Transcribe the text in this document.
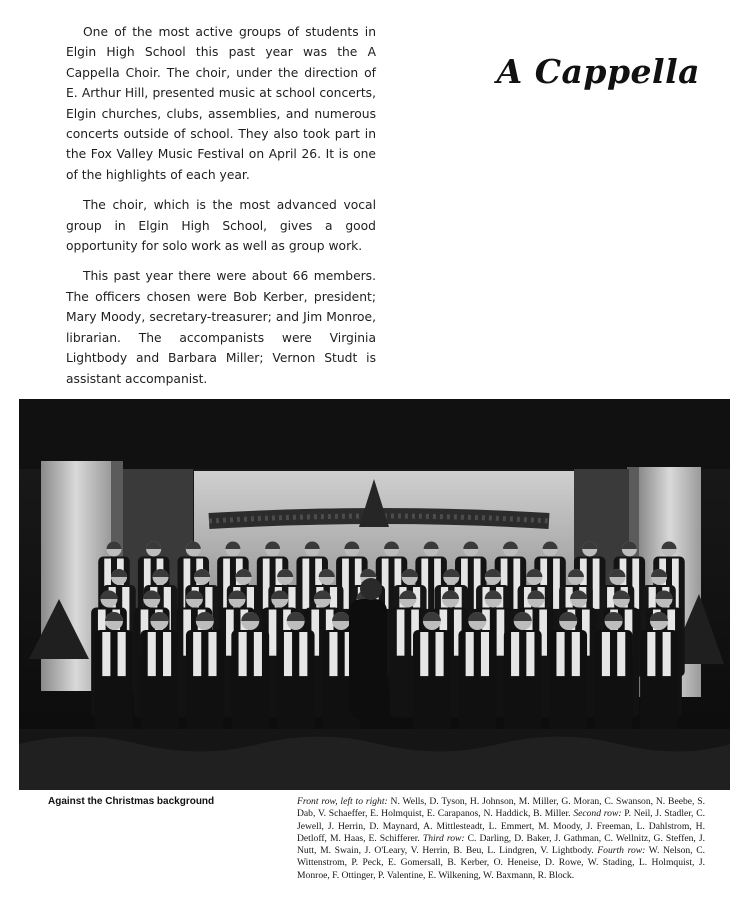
One of the most active groups of students in Elgin High School this past year was the A Cappella Choir. The choir, under the direction of E. Arthur Hill, presented music at school concerts, Elgin churches, clubs, assemblies, and numerous concerts outside of school. They also took part in the Fox Valley Music Festival on April 26. It is one of the highlights of each year.

The choir, which is the most advanced vocal group in Elgin High School, gives a good opportunity for solo work as well as group work.

This past year there were about 66 members. The officers chosen were Bob Kerber, president; Mary Moody, secretary-treasurer; and Jim Monroe, librarian. The accompanists were Virginia Lightbody and Barbara Miller; Vernon Studt is assistant accompanist.

A Cappella
Against the Christmas background	Front row, left to right: N. Wells, D. Tyson, H. Johnson, M. Miller, G. Moran, C. Swanson, N. Beebe, S. Dab, V. Schaeffer, E. Holmquist, E. Carapanos, N. Haddick, B. Miller. Second row: P. Neil, J. Stadler, C. Jewell, J. Herrin, D. Maynard, A. Mittlesteadt, L. Emmert, M. Moody, J. Freeman, L. Dahlstrom, H. Detloff, M. Haas, E. Schifferer. Third row: C. Darling, D. Baker, J. Gathman, C. Wellnitz, G. Steffen, J. Nutt, M. Swain, J. O'Leary, V. Herrin, B. Beu, L. Lindgren, V. Lightbody. Fourth row: W. Nelson, C. Wittenstrom, P. Peck, E. Gomersall, B. Kerber, O. Heneise, D. Rowe, W. Stading, L. Holmquist, J. Monroe, F. Ottinger, P. Valentine, E. Wilkening, W. Baxmann, R. Block.
